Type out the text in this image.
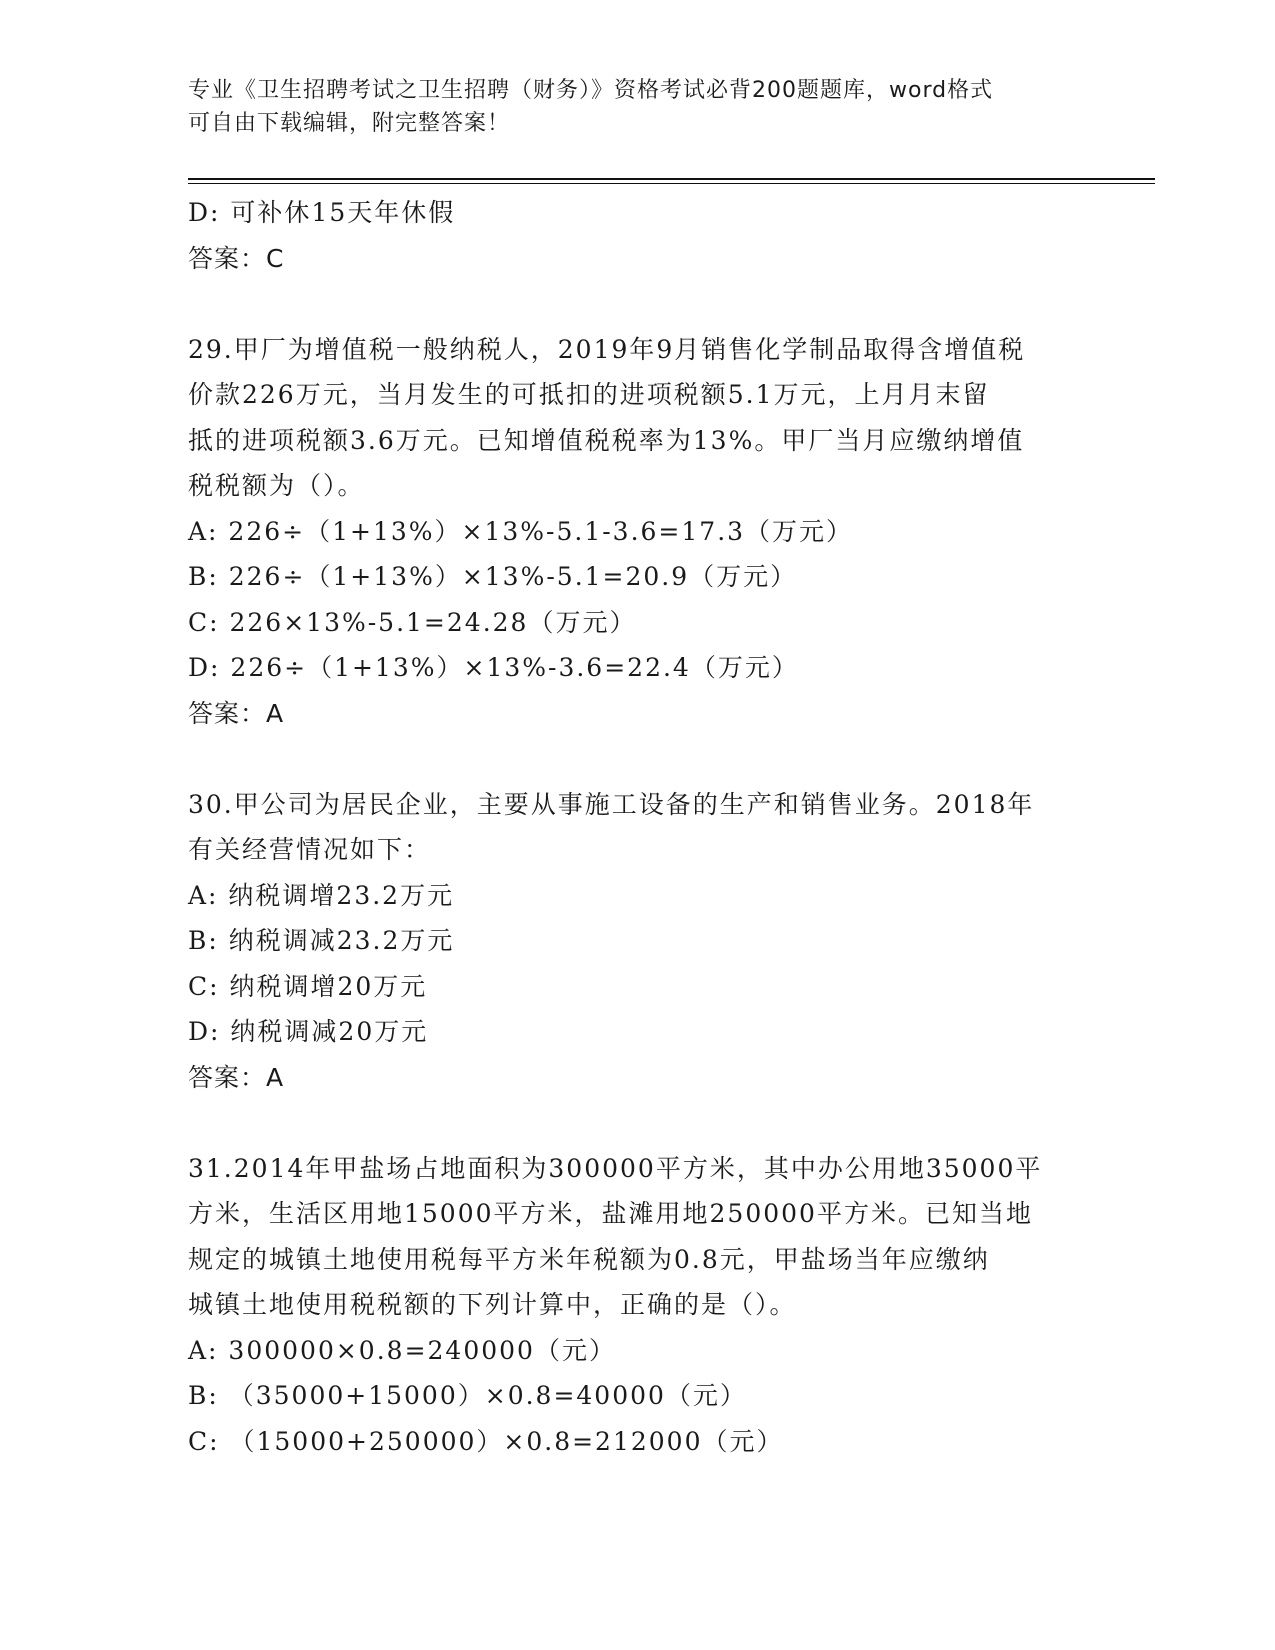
专业《卫生招聘考试之卫生招聘（财务）》资格考试必背200题题库，word格式
可自由下载编辑，附完整答案！
D: 可补休15天年休假
答案：C
29.甲厂为增值税一般纳税人，2019年9月销售化学制品取得含增值税
价款226万元，当月发生的可抵扣的进项税额5.1万元，上月月末留
抵的进项税额3.6万元。已知增值税税率为13%。甲厂当月应缴纳增值
税税额为（）。
A: 226÷（1+13%）×13%-5.1-3.6=17.3（万元）
B: 226÷（1+13%）×13%-5.1=20.9（万元）
C: 226×13%-5.1=24.28（万元）
D: 226÷（1+13%）×13%-3.6=22.4（万元）
答案：A
30.甲公司为居民企业，主要从事施工设备的生产和销售业务。2018年
有关经营情况如下：
A: 纳税调增23.2万元
B: 纳税调减23.2万元
C: 纳税调增20万元
D: 纳税调减20万元
答案：A
31.2014年甲盐场占地面积为300000平方米，其中办公用地35000平
方米，生活区用地15000平方米，盐滩用地250000平方米。已知当地
规定的城镇土地使用税每平方米年税额为0.8元，甲盐场当年应缴纳
城镇土地使用税税额的下列计算中，正确的是（）。
A: 300000×0.8=240000（元）
B: （35000+15000）×0.8=40000（元）
C: （15000+250000）×0.8=212000（元）
